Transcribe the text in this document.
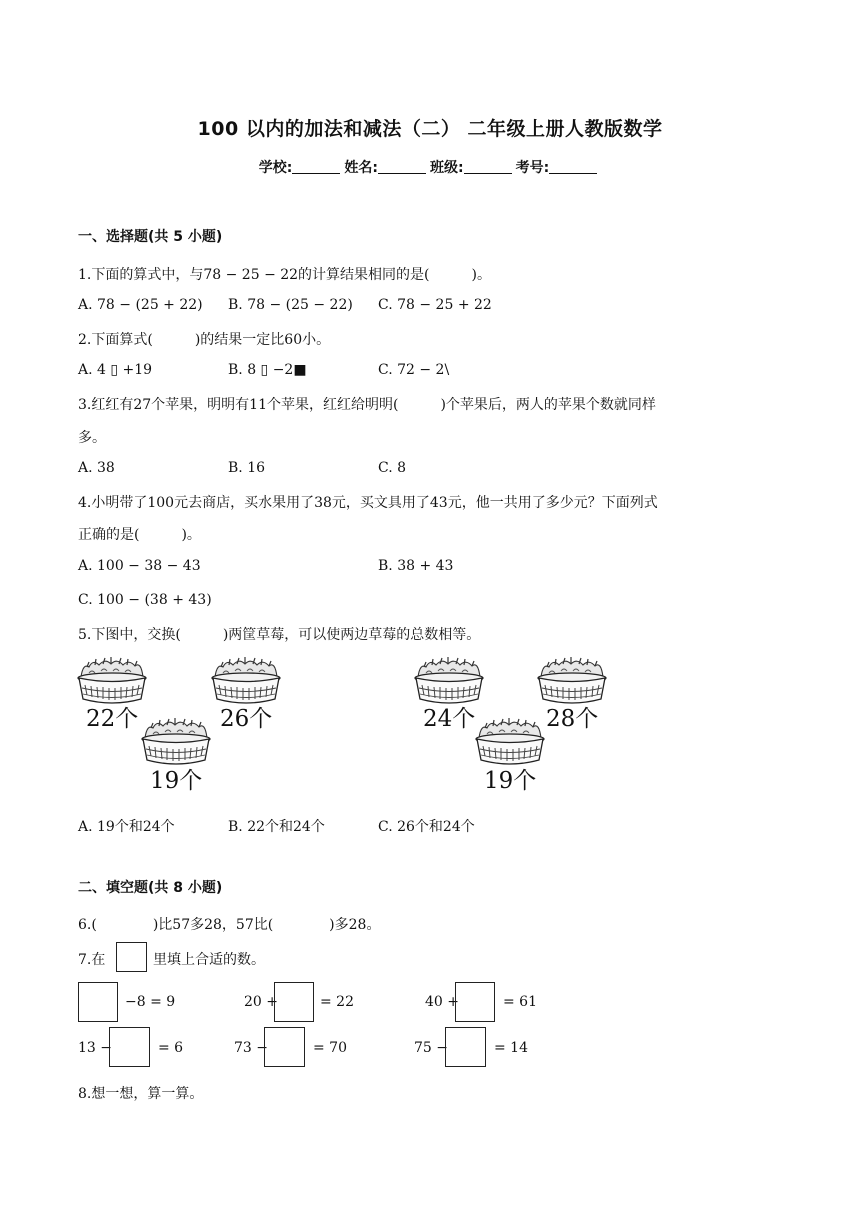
100 以内的加法和减法（二） 二年级上册人教版数学
学校:	姓名:	班级:	考号:
一、选择题(共 5 小题)
1.下面的算式中，与78 − 25 − 22的计算结果相同的是(　　　)。
A. 78 − (25 + 22) B. 78 − (25 − 22) C. 78 − 25 + 22
2.下面算式(　　　)的结果一定比60小。
A. 4 ▯ +19	B. 8 ▯ −2■	C. 72 − 2\
3.红红有27个苹果，明明有11个苹果，红红给明明(　　　)个苹果后，两人的苹果个数就同样
多。
A. 38	B. 16	C. 8
4.小明带了100元去商店，买水果用了38元，买文具用了43元，他一共用了多少元？下面列式
正确的是(　　　)。
A. 100 − 38 − 43	B. 38 + 43
C. 100 − (38 + 43)
5.下图中，交换(　　　)两筐草莓，可以使两边草莓的总数相等。
22个	26个
19个
24个	28个
19个
A. 19个和24个	B. 22个和24个	C. 26个和24个
二、填空题(共 8 小题)
6.(　　　　)比57多28，57比(　　　　)多28。
7.在	里填上合适的数。
−8 = 9	20 +	= 22	40 +	= 61
13 −	= 6	73 −	= 70	75 −	= 14
8.想一想，算一算。
